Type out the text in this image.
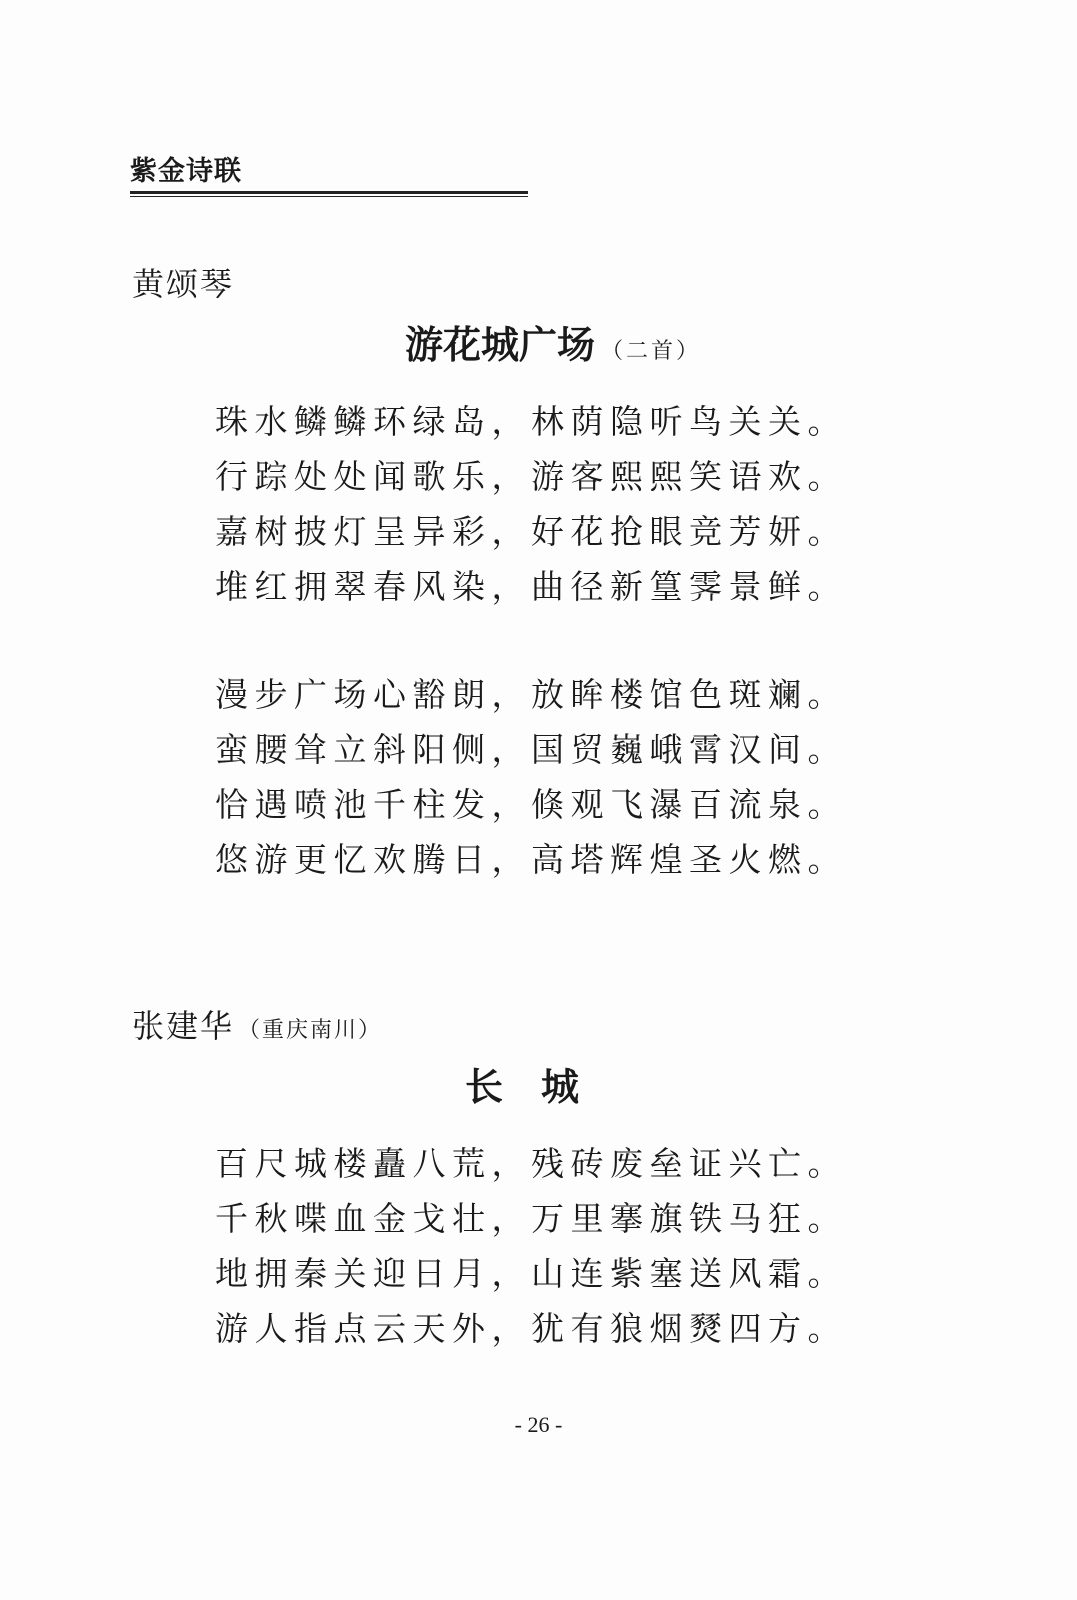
紫金诗联
黄颂琴
游花城广场 （二首）
珠水鳞鳞环绿岛，林荫隐听鸟关关。
行踪处处闻歌乐，游客熙熙笑语欢。
嘉树披灯呈异彩，好花抢眼竞芳妍。
堆红拥翠春风染，曲径新篁霁景鲜。
漫步广场心豁朗，放眸楼馆色斑斓。
蛮腰耸立斜阳侧，国贸巍峨霄汉间。
恰遇喷池千柱发，倏观飞瀑百流泉。
悠游更忆欢腾日，高塔辉煌圣火燃。
张建华 （重庆南川）
长　城
百尺城楼矗八荒，残砖废垒证兴亡。
千秋喋血金戈壮，万里搴旗铁马狂。
地拥秦关迎日月，山连紫塞送风霜。
游人指点云天外，犹有狼烟燹四方。
- 26 -
